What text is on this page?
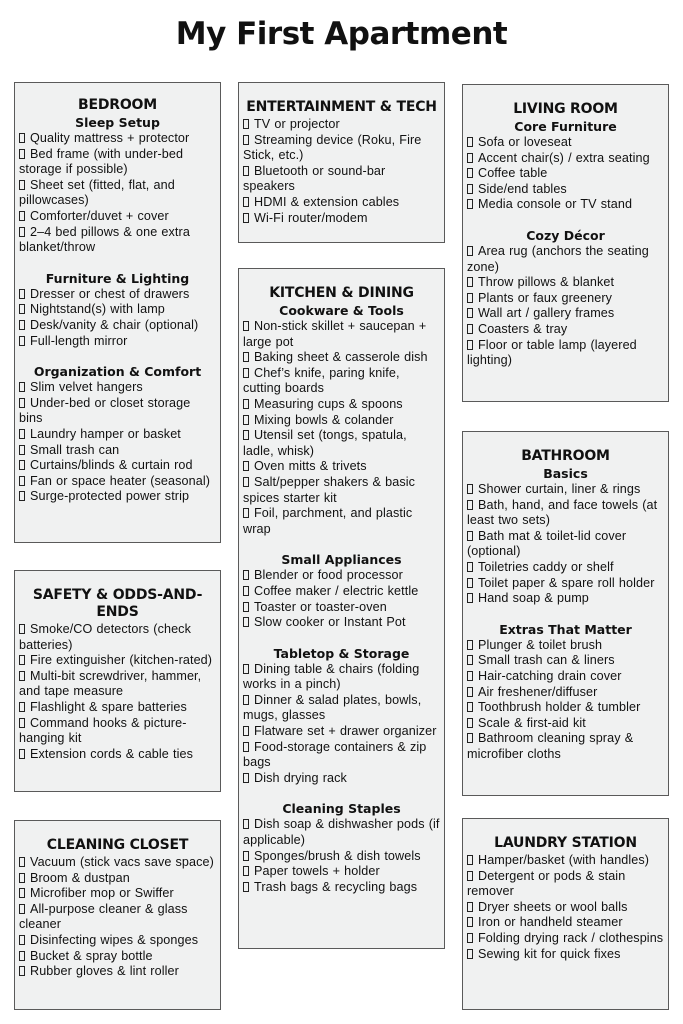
My First Apartment
BEDROOM
Sleep Setup
Quality mattress + protector
Bed frame (with under-bed storage if possible)
Sheet set (fitted, flat, and pillowcases)
Comforter/duvet + cover
2–4 bed pillows & one extra blanket/throw
Furniture & Lighting
Dresser or chest of drawers
Nightstand(s) with lamp
Desk/vanity & chair (optional)
Full-length mirror
Organization & Comfort
Slim velvet hangers
Under-bed or closet storage bins
Laundry hamper or basket
Small trash can
Curtains/blinds & curtain rod
Fan or space heater (seasonal)
Surge-protected power strip
ENTERTAINMENT & TECH
TV or projector
Streaming device (Roku, Fire Stick, etc.)
Bluetooth or sound-bar speakers
HDMI & extension cables
Wi-Fi router/modem
LIVING ROOM
Core Furniture
Sofa or loveseat
Accent chair(s) / extra seating
Coffee table
Side/end tables
Media console or TV stand
Cozy Décor
Area rug (anchors the seating zone)
Throw pillows & blanket
Plants or faux greenery
Wall art / gallery frames
Coasters & tray
Floor or table lamp (layered lighting)
KITCHEN & DINING
Cookware & Tools
Non-stick skillet + saucepan + large pot
Baking sheet & casserole dish
Chef’s knife, paring knife, cutting boards
Measuring cups & spoons
Mixing bowls & colander
Utensil set (tongs, spatula, ladle, whisk)
Oven mitts & trivets
Salt/pepper shakers & basic spices starter kit
Foil, parchment, and plastic wrap
Small Appliances
Blender or food processor
Coffee maker / electric kettle
Toaster or toaster-oven
Slow cooker or Instant Pot
Tabletop & Storage
Dining table & chairs (folding works in a pinch)
Dinner & salad plates, bowls, mugs, glasses
Flatware set + drawer organizer
Food-storage containers & zip bags
Dish drying rack
Cleaning Staples
Dish soap & dishwasher pods (if applicable)
Sponges/brush & dish towels
Paper towels + holder
Trash bags & recycling bags
SAFETY & ODDS-AND-ENDS
Smoke/CO detectors (check batteries)
Fire extinguisher (kitchen-rated)
Multi-bit screwdriver, hammer, and tape measure
Flashlight & spare batteries
Command hooks & picture-hanging kit
Extension cords & cable ties
BATHROOM
Basics
Shower curtain, liner & rings
Bath, hand, and face towels (at least two sets)
Bath mat & toilet-lid cover (optional)
Toiletries caddy or shelf
Toilet paper & spare roll holder
Hand soap & pump
Extras That Matter
Plunger & toilet brush
Small trash can & liners
Hair-catching drain cover
Air freshener/diffuser
Toothbrush holder & tumbler
Scale & first-aid kit
Bathroom cleaning spray & microfiber cloths
CLEANING CLOSET
Vacuum (stick vacs save space)
Broom & dustpan
Microfiber mop or Swiffer
All-purpose cleaner & glass cleaner
Disinfecting wipes & sponges
Bucket & spray bottle
Rubber gloves & lint roller
LAUNDRY STATION
Hamper/basket (with handles)
Detergent or pods & stain remover
Dryer sheets or wool balls
Iron or handheld steamer
Folding drying rack / clothespins
Sewing kit for quick fixes
